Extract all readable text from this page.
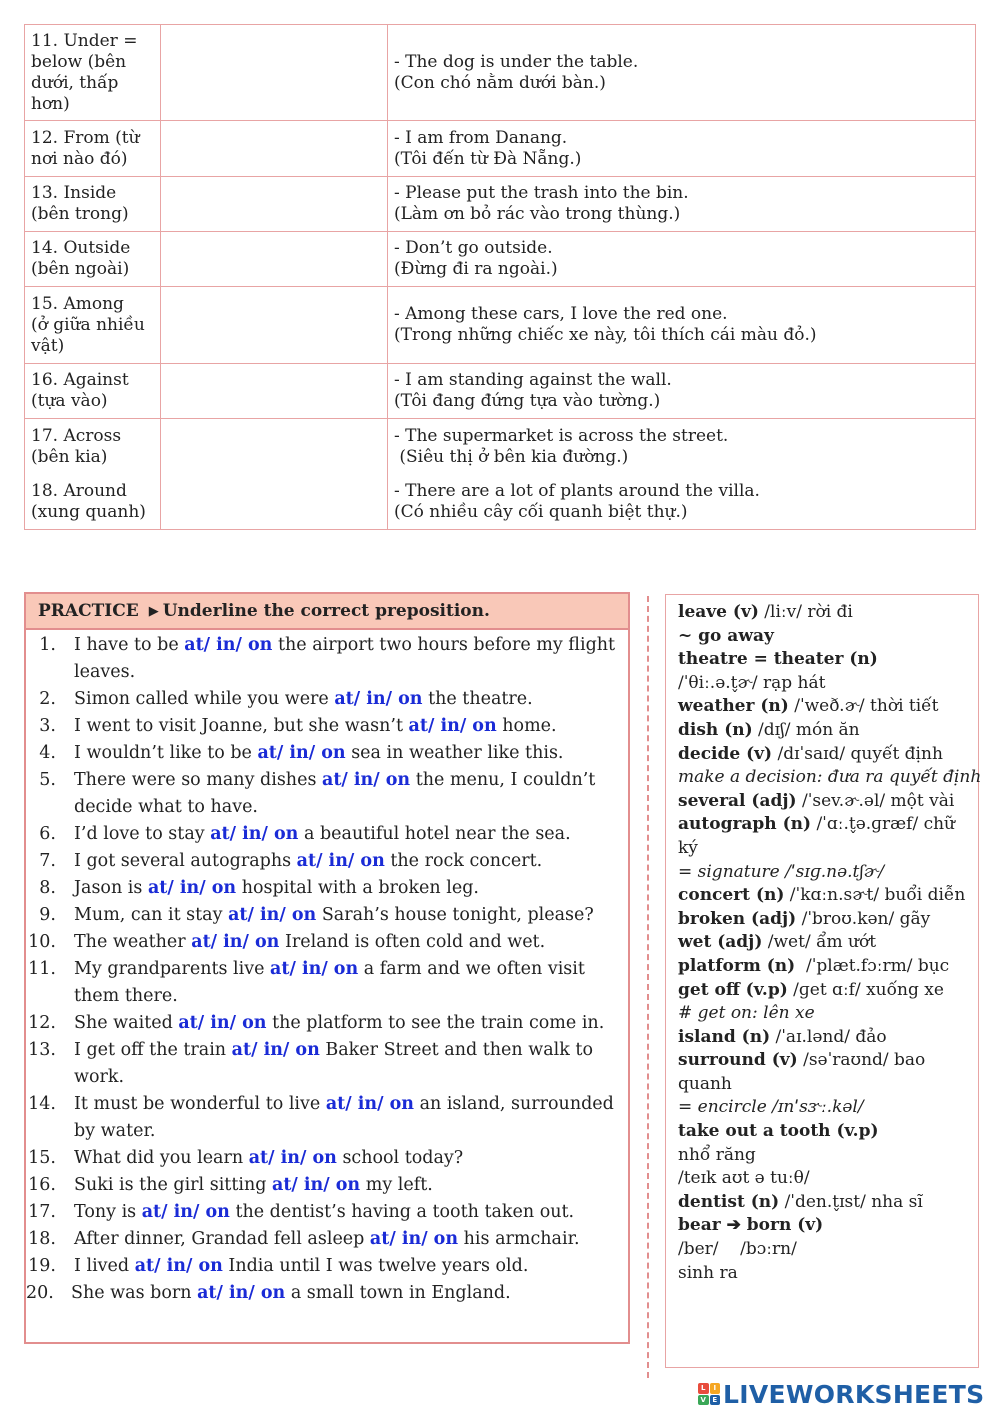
11. Under =
below (bên
dưới, thấp
hơn)		- The dog is under the table.
(Con chó nằm dưới bàn.)

12. From (từ
nơi nào đó)		- I am from Danang.
(Tôi đến từ Đà Nẵng.)

13. Inside
(bên trong)		- Please put the trash into the bin.
(Làm ơn bỏ rác vào trong thùng.)

14. Outside
(bên ngoài)		- Don’t go outside.
(Đừng đi ra ngoài.)

15. Among
(ở giữa nhiều
vật)		- Among these cars, I love the red one.
(Trong những chiếc xe này, tôi thích cái màu đỏ.)

16. Against
(tựa vào)		- I am standing against the wall.
(Tôi đang đứng tựa vào tường.)

17. Across
(bên kia)		- The supermarket is across the street.
(Siêu thị ở bên kia đường.)

18. Around
(xung quanh)		- There are a lot of plants around the villa.
(Có nhiều cây cối quanh biệt thự.)
PRACTICE ▶ Underline the correct preposition.
1. I have to be at/ in/ on the airport two hours before my flight leaves.
2. Simon called while you were at/ in/ on the theatre.
3. I went to visit Joanne, but she wasn’t at/ in/ on home.
4. I wouldn’t like to be at/ in/ on sea in weather like this.
5. There were so many dishes at/ in/ on the menu, I couldn’t decide what to have.
6. I’d love to stay at/ in/ on a beautiful hotel near the sea.
7. I got several autographs at/ in/ on the rock concert.
8. Jason is at/ in/ on hospital with a broken leg.
9. Mum, can it stay at/ in/ on Sarah’s house tonight, please?
10. The weather at/ in/ on Ireland is often cold and wet.
11. My grandparents live at/ in/ on a farm and we often visit them there.
12. She waited at/ in/ on the platform to see the train come in.
13. I get off the train at/ in/ on Baker Street and then walk to work.
14. It must be wonderful to live at/ in/ on an island, surrounded by water.
15. What did you learn at/ in/ on school today?
16. Suki is the girl sitting at/ in/ on my left.
17. Tony is at/ in/ on the dentist’s having a tooth taken out.
18. After dinner, Grandad fell asleep at/ in/ on his armchair.
19. I lived at/ in/ on India until I was twelve years old.
20. She was born at/ in/ on a small town in England.
leave (v) /liːv/ rời đi
~ go away
theatre = theater (n)
/ˈθiː.ə.t̬ɚ/ rạp hát
weather (n) /ˈweð.ɚ/ thời tiết
dish (n) /dɪʃ/ món ăn
decide (v) /dɪˈsaɪd/ quyết định
make a decision: đưa ra quyết định
several (adj) /ˈsev.ɚ.əl/ một vài
autograph (n) /ˈɑː.t̬ə.ɡræf/ chữ
ký
= signature /ˈsɪɡ.nə.tʃɚ/
concert (n) /ˈkɑːn.sɚt/ buổi diễn
broken (adj) /ˈbroʊ.kən/ gãy
wet (adj) /wet/ ẩm ướt
platform (n)  /ˈplæt.fɔːrm/ bục
get off (v.p) /ɡet ɑːf/ xuống xe
# get on: lên xe
island (n) /ˈaɪ.lənd/ đảo
surround (v) /səˈraʊnd/ bao
quanh
= encircle /ɪnˈsɝː.kəl/
take out a tooth (v.p)
nhổ răng
/teɪk aʊt ə tuːθ/
dentist (n) /ˈden.t̬ɪst/ nha sĩ
bear ➔ born (v)
/ber/    /bɔːrn/
sinh ra
L	I
V E LIVEWORKSHEETS
